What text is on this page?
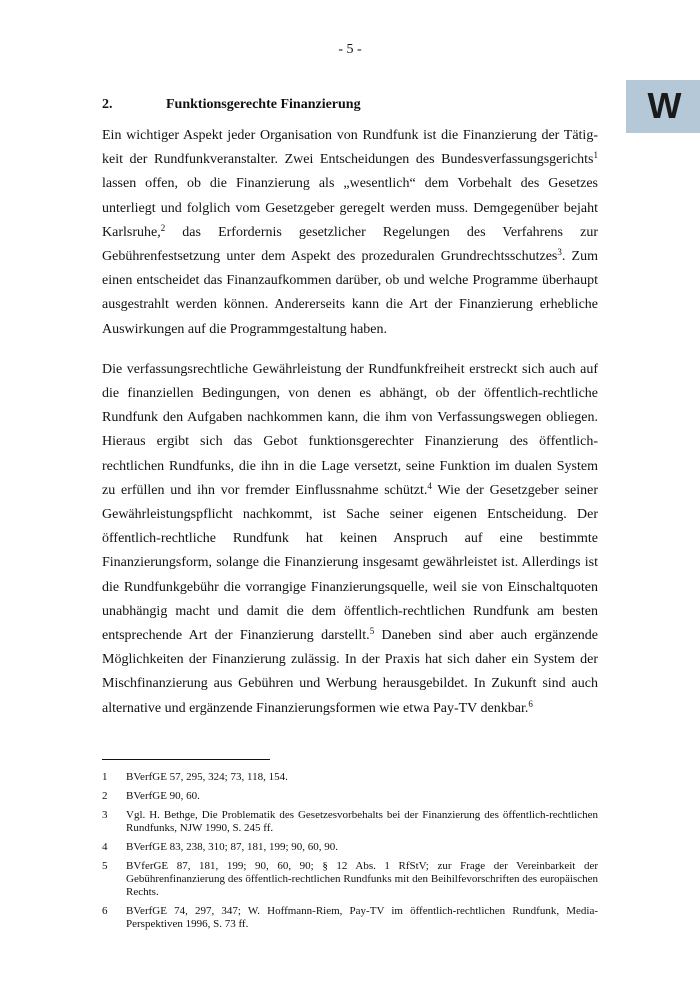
- 5 -
W
2.	Funktionsgerechte Finanzierung

Ein wichtiger Aspekt jeder Organisation von Rundfunk ist die Finanzierung der Tätigkeit der Rundfunkveranstalter. Zwei Entscheidungen des Bundesverfassungsgerichts$^1$ lassen offen, ob die Finanzierung als „wesentlich“ dem Vorbehalt des Gesetzes unterliegt und folglich vom Gesetzgeber geregelt werden muss. Demgegenüber bejaht Karlsruhe,$^2$ das Erfordernis gesetzlicher Regelungen des Verfahrens zur Gebührenfestsetzung unter dem Aspekt des prozeduralen Grundrechtsschutzes$^3$. Zum einen entscheidet das Finanzaufkommen darüber, ob und welche Programme überhaupt ausgestrahlt werden können. Andererseits kann die Art der Finanzierung erhebliche Auswirkungen auf die Programmgestaltung haben.

Die verfassungsrechtliche Gewährleistung der Rundfunkfreiheit erstreckt sich auch auf die finanziellen Bedingungen, von denen es abhängt, ob der öffentlich-rechtliche Rundfunk den Aufgaben nachkommen kann, die ihm von Verfassungswegen obliegen. Hieraus ergibt sich das Gebot funktionsgerechter Finanzierung des öffentlich-rechtlichen Rundfunks, die ihn in die Lage versetzt, seine Funktion im dualen System zu erfüllen und ihn vor fremder Einflussnahme schützt.$^4$ Wie der Gesetzgeber seiner Gewährleistungspflicht nachkommt, ist Sache seiner eigenen Entscheidung. Der öffentlich-rechtliche Rundfunk hat keinen Anspruch auf eine bestimmte Finanzierungsform, solange die Finanzierung insgesamt gewährleistet ist. Allerdings ist die Rundfunkgebühr die vorrangige Finanzierungsquelle, weil sie von Einschaltquoten unabhängig macht und damit die dem öffentlich-rechtlichen Rundfunk am besten entsprechende Art der Finanzierung darstellt.$^5$ Daneben sind aber auch ergänzende Möglichkeiten der Finanzierung zulässig. In der Praxis hat sich daher ein System der Mischfinanzierung aus Gebühren und Werbung herausgebildet. In Zukunft sind auch alternative und ergänzende Finanzierungsformen wie etwa Pay-TV denkbar.$^6$

1	BVerfGE 57, 295, 324; 73, 118, 154.
2	BVerfGE 90, 60.
3	Vgl. H. Bethge, Die Problematik des Gesetzesvorbehalts bei der Finanzierung des öffentlich-rechtlichen Rundfunks, NJW 1990, S. 245 ff.
4	BVerfGE 83, 238, 310; 87, 181, 199; 90, 60, 90.
5	BVferGE 87, 181, 199; 90, 60, 90; § 12 Abs. 1 RfStV; zur Frage der Vereinbarkeit der Gebührenfinanzierung des öffentlich-rechtlichen Rundfunks mit den Beihilfevorschriften des europäischen Rechts.
6	BVerfGE 74, 297, 347; W. Hoffmann-Riem, Pay-TV im öffentlich-rechtlichen Rundfunk, Media-Perspektiven 1996, S. 73 ff.
